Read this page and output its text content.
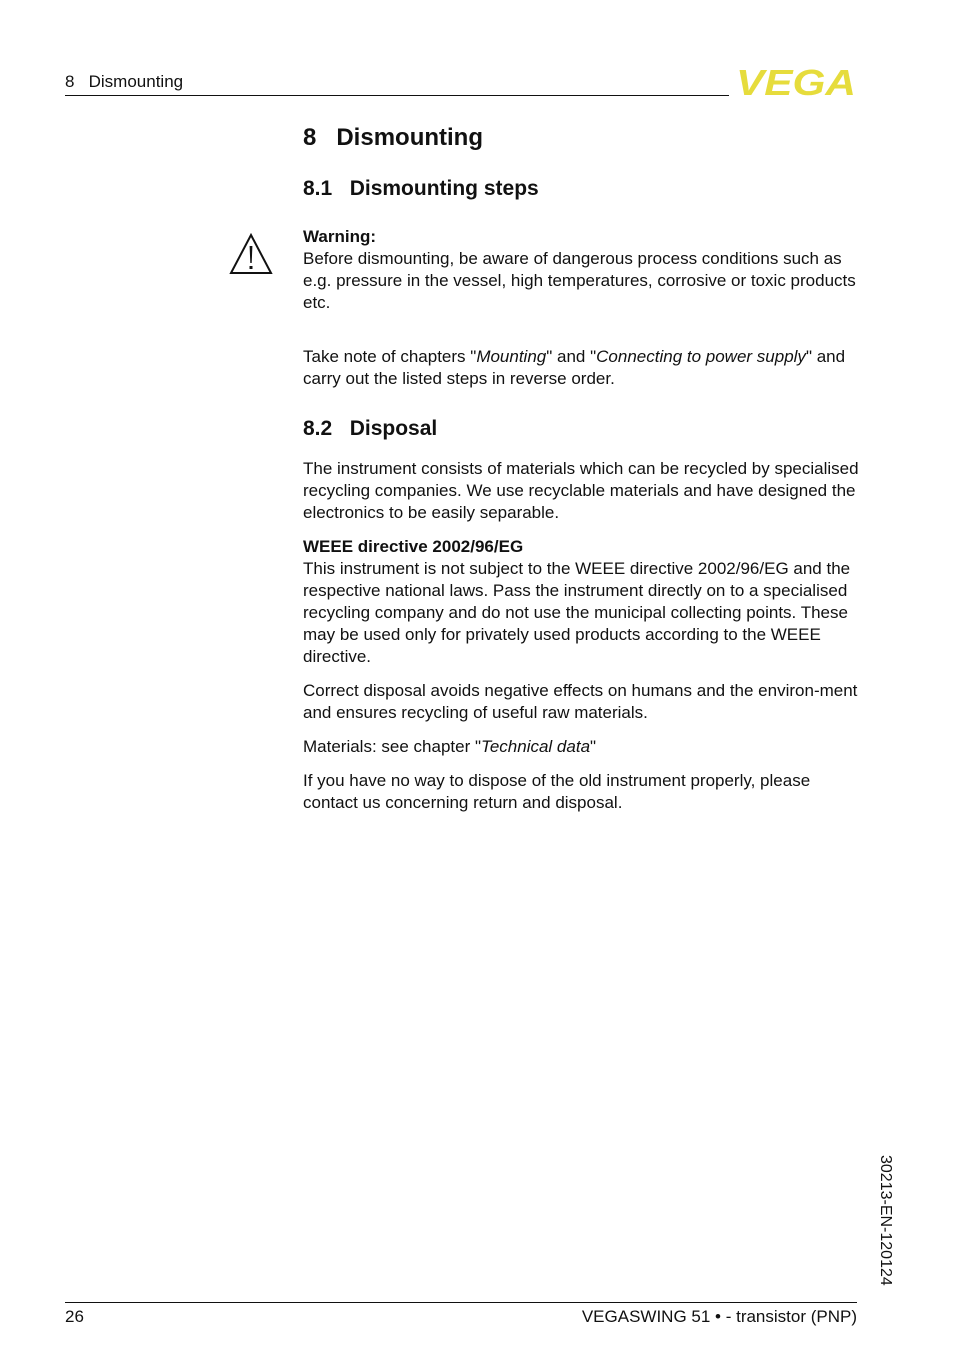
8   Dismounting	VEGA
8   Dismounting
8.1   Dismounting steps

Warning:

Before dismounting, be aware of dangerous process conditions such as e.g. pressure in the vessel, high temperatures, corrosive or toxic products etc.

Take note of chapters "Mounting" and "Connecting to power supply" and carry out the listed steps in reverse order.

8.2   Disposal

The instrument consists of materials which can be recycled by specialised recycling companies. We use recyclable materials and have designed the electronics to be easily separable.

WEEE directive 2002/96/EG

This instrument is not subject to the WEEE directive 2002/96/EG and the respective national laws. Pass the instrument directly on to a specialised recycling company and do not use the municipal collecting points. These may be used only for privately used products according to the WEEE directive.

Correct disposal avoids negative effects on humans and the environ-ment and ensures recycling of useful raw materials.

Materials: see chapter "Technical data"

If you have no way to dispose of the old instrument properly, please contact us concerning return and disposal.

30213-EN-120124
26	VEGASWING 51 • - transistor (PNP)
